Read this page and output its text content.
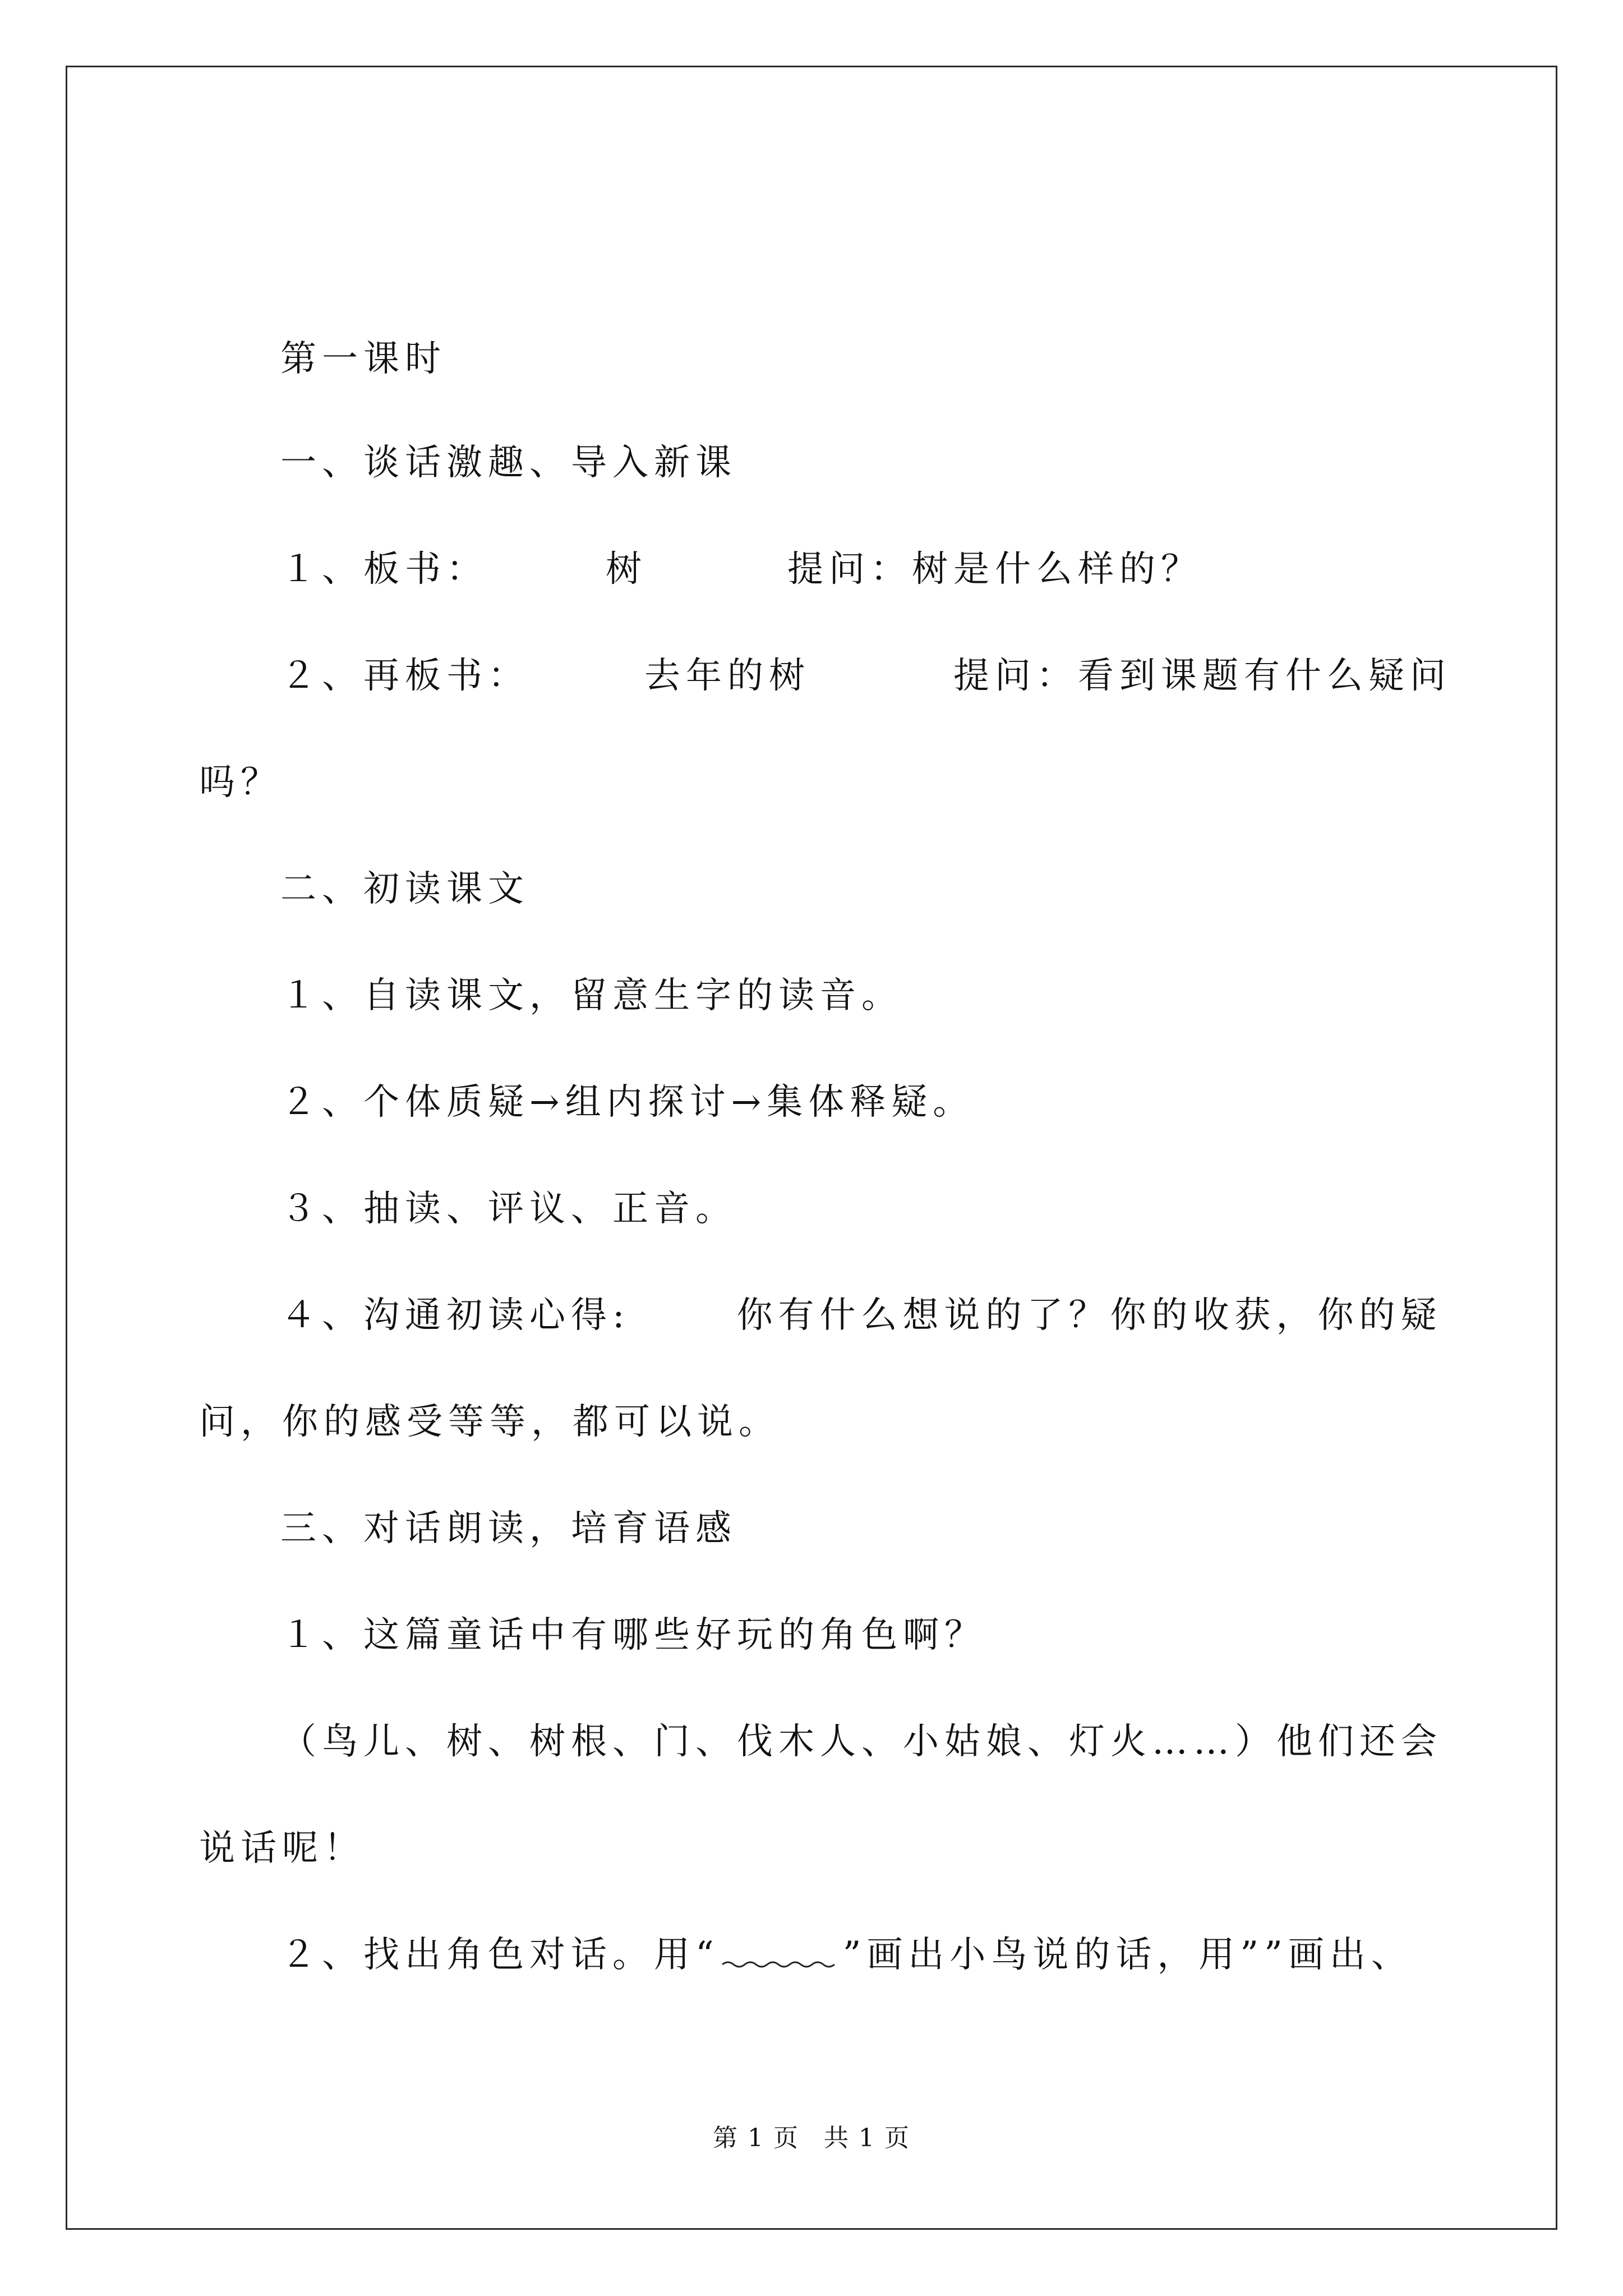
第一课时
一、谈话激趣、导入新课
１、板书：	树	提问：树是什么样的？
２、再板书：	去年的树	提问：看到课题有什么疑问
吗？
二、初读课文
１、自读课文，留意生字的读音。
２、个体质疑→组内探讨→集体释疑。
３、抽读、评议、正音。
４、沟通初读心得:	你有什么想说的了？你的收获，你的疑
问，你的感受等等，都可以说。
三、对话朗读，培育语感
１、这篇童话中有哪些好玩的角色啊？
（鸟儿、树、树根、门、伐木人、小姑娘、灯火……）他们还会
说话呢！
２、找出角色对话。用“	”画出小鸟说的话，用””画出、
第 1 页 共 1 页
